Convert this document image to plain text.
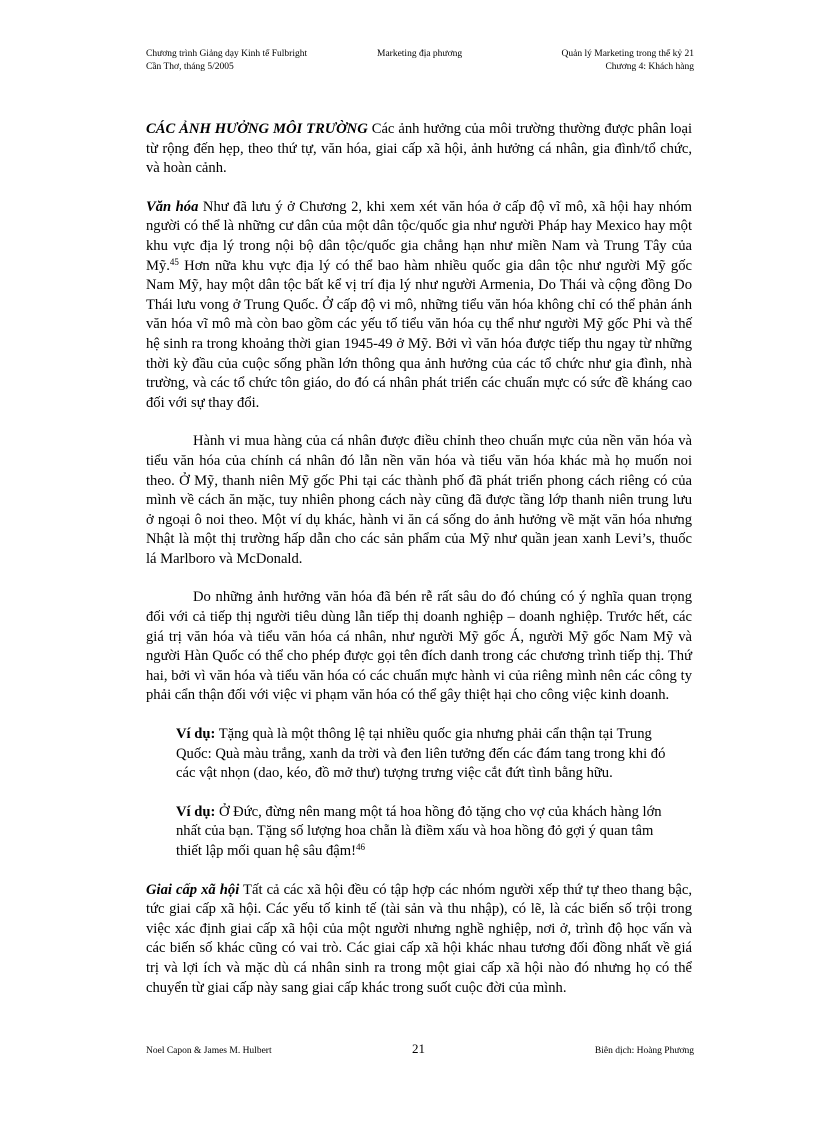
Chương trình Giảng dạy Kinh tế Fulbright
Cần Thơ, tháng 5/2005
Marketing địa phương	Quản lý Marketing trong thế kỷ 21
Chương 4: Khách hàng

CÁC ẢNH HƯỞNG MÔI TRƯỜNG Các ảnh hưởng của môi trường thường được phân loại từ rộng đến hẹp, theo thứ tự, văn hóa, giai cấp xã hội, ảnh hưởng cá nhân, gia đình/tổ chức, và hoàn cảnh.

Văn hóa Như đã lưu ý ở Chương 2, khi xem xét văn hóa ở cấp độ vĩ mô, xã hội hay nhóm người có thể là những cư dân của một dân tộc/quốc gia như người Pháp hay Mexico hay một khu vực địa lý trong nội bộ dân tộc/quốc gia chẳng hạn như miền Nam và Trung Tây của Mỹ.$^{45}$ Hơn nữa khu vực địa lý có thể bao hàm nhiều quốc gia dân tộc như người Mỹ gốc Nam Mỹ, hay một dân tộc bất kể vị trí địa lý như người Armenia, Do Thái và cộng đồng Do Thái lưu vong ở Trung Quốc. Ở cấp độ vi mô, những tiểu văn hóa không chỉ có thể phản ánh văn hóa vĩ mô mà còn bao gồm các yếu tố tiểu văn hóa cụ thể như người Mỹ gốc Phi và thế hệ sinh ra trong khoảng thời gian 1945-49 ở Mỹ. Bởi vì văn hóa được tiếp thu ngay từ những thời kỳ đầu của cuộc sống phần lớn thông qua ảnh hưởng của các tổ chức như gia đình, nhà trường, và các tổ chức tôn giáo, do đó cá nhân phát triển các chuẩn mực có sức đề kháng cao đối với sự thay đổi.

Hành vi mua hàng của cá nhân được điều chỉnh theo chuẩn mực của nền văn hóa và tiểu văn hóa của chính cá nhân đó lẫn nền văn hóa và tiểu văn hóa khác mà họ muốn noi theo. Ở Mỹ, thanh niên Mỹ gốc Phi tại các thành phố đã phát triển phong cách riêng có của mình về cách ăn mặc, tuy nhiên phong cách này cũng đã được tầng lớp thanh niên trung lưu ở ngoại ô noi theo. Một ví dụ khác, hành vi ăn cá sống do ảnh hưởng về mặt văn hóa nhưng Nhật là một thị trường hấp dẫn cho các sản phẩm của Mỹ như quần jean xanh Levi’s, thuốc lá Marlboro và McDonald.

Do những ảnh hưởng văn hóa đã bén rễ rất sâu do đó chúng có ý nghĩa quan trọng đối với cả tiếp thị người tiêu dùng lẫn tiếp thị doanh nghiệp – doanh nghiệp. Trước hết, các giá trị văn hóa và tiểu văn hóa cá nhân, như người Mỹ gốc Á, người Mỹ gốc Nam Mỹ và người Hàn Quốc có thể cho phép được gọi tên đích danh trong các chương trình tiếp thị. Thứ hai, bởi vì văn hóa và tiểu văn hóa có các chuẩn mực hành vi của riêng mình nên các công ty phải cẩn thận đối với việc vi phạm văn hóa có thể gây thiệt hại cho công việc kinh doanh.

Ví dụ: Tặng quà là một thông lệ tại nhiều quốc gia nhưng phải cẩn thận tại Trung Quốc: Quà màu trắng, xanh da trời và đen liên tưởng đến các đám tang trong khi đó các vật nhọn (dao, kéo, đồ mở thư) tượng trưng việc cắt đứt tình bằng hữu.

Ví dụ: Ở Đức, đừng nên mang một tá hoa hồng đỏ tặng cho vợ của khách hàng lớn nhất của bạn. Tặng số lượng hoa chẵn là điềm xấu và hoa hồng đỏ gợi ý quan tâm thiết lập mối quan hệ sâu đậm!$^{46}$

Giai cấp xã hội Tất cả các xã hội đều có tập hợp các nhóm người xếp thứ tự theo thang bậc, tức giai cấp xã hội. Các yếu tố kinh tế (tài sản và thu nhập), có lẽ, là các biến số trội trong việc xác định giai cấp xã hội của một người nhưng nghề nghiệp, nơi ở, trình độ học vấn và các biến số khác cũng có vai trò. Các giai cấp xã hội khác nhau tương đối đồng nhất về giá trị và lợi ích và mặc dù cá nhân sinh ra trong một giai cấp xã hội nào đó nhưng họ có thể chuyển từ giai cấp này sang giai cấp khác trong suốt cuộc đời của mình.

Noel Capon & James M. Hulbert	21	Biên dịch: Hoàng Phương
